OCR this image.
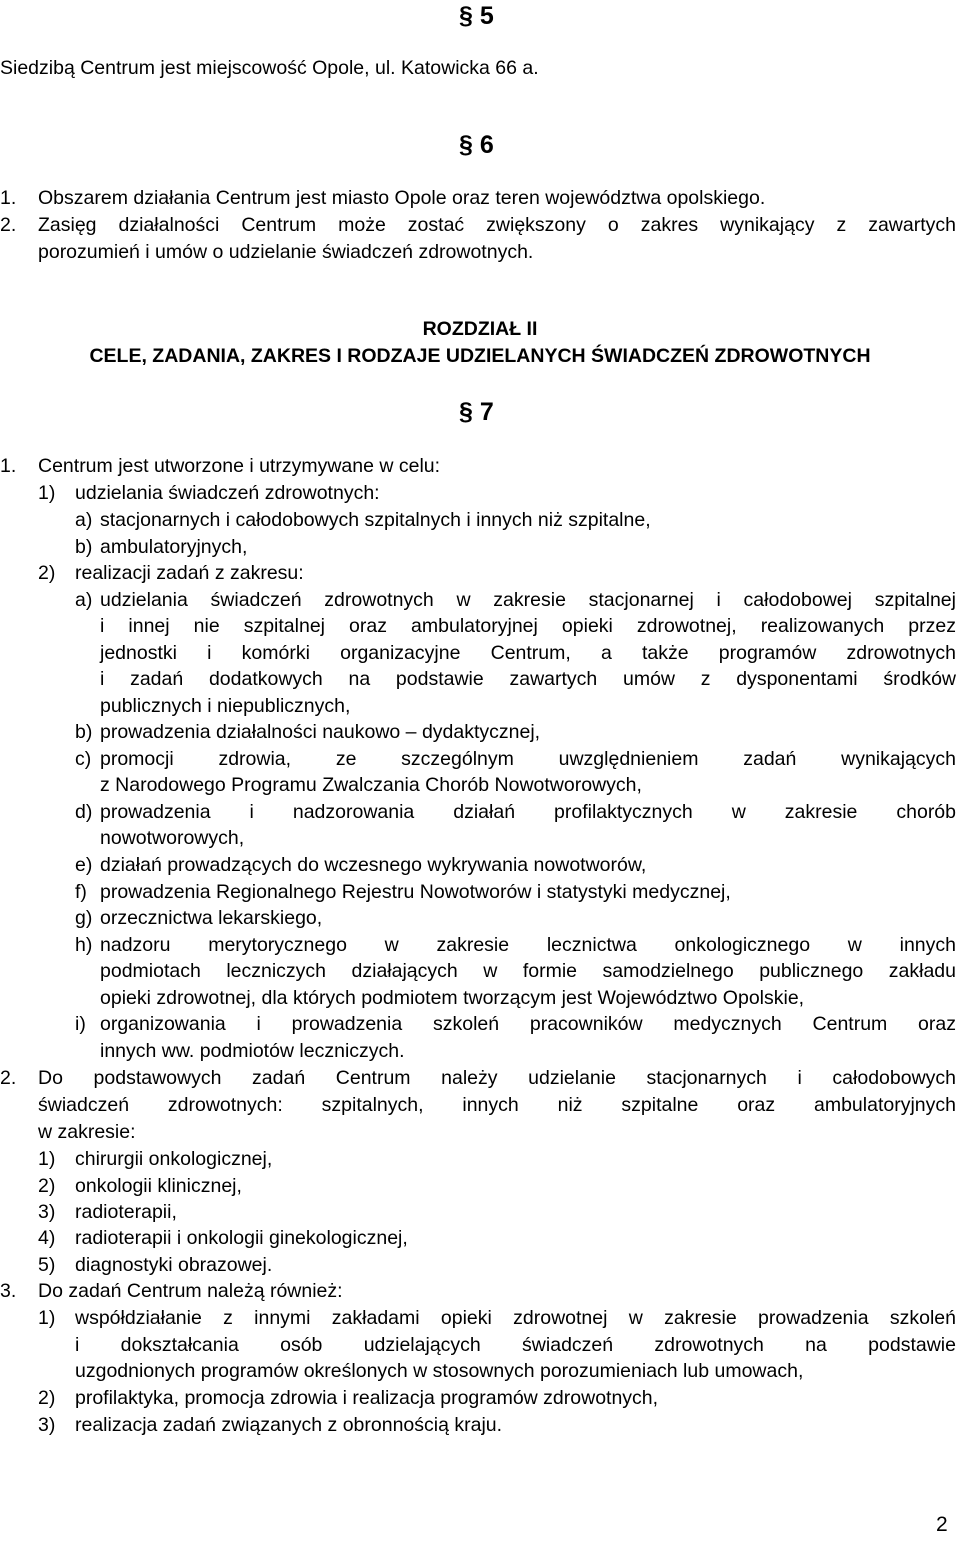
§ 5
Siedzibą Centrum jest miejscowość Opole, ul. Katowicka 66 a.
§ 6
1. Obszarem działania Centrum jest miasto Opole oraz teren województwa opolskiego.
2. Zasięg działalności Centrum może zostać zwiększony o zakres wynikający z zawartych
porozumień i umów o udzielanie świadczeń zdrowotnych.
ROZDZIAŁ II
CELE, ZADANIA, ZAKRES I RODZAJE UDZIELANYCH ŚWIADCZEŃ ZDROWOTNYCH
§ 7
1. Centrum jest utworzone i utrzymywane w celu:
1) udzielania świadczeń zdrowotnych:
a) stacjonarnych i całodobowych szpitalnych i innych niż szpitalne,
b) ambulatoryjnych,
2) realizacji zadań z zakresu:
a) udzielania świadczeń zdrowotnych w zakresie stacjonarnej i całodobowej szpitalnej
i innej nie szpitalnej oraz ambulatoryjnej opieki zdrowotnej, realizowanych przez
jednostki i komórki organizacyjne Centrum, a także programów zdrowotnych
i zadań dodatkowych na podstawie zawartych umów z dysponentami środków
publicznych i niepublicznych,
b) prowadzenia działalności naukowo – dydaktycznej,
c) promocji zdrowia, ze szczególnym uwzględnieniem zadań wynikających
z Narodowego Programu Zwalczania Chorób Nowotworowych,
d) prowadzenia i nadzorowania działań profilaktycznych w zakresie chorób
nowotworowych,
e) działań prowadzących do wczesnego wykrywania nowotworów,
f) prowadzenia Regionalnego Rejestru Nowotworów i statystyki medycznej,
g) orzecznictwa lekarskiego,
h) nadzoru merytorycznego w zakresie lecznictwa onkologicznego w innych
podmiotach leczniczych działających w formie samodzielnego publicznego zakładu
opieki zdrowotnej, dla których podmiotem tworzącym jest Województwo Opolskie,
i) organizowania i prowadzenia szkoleń pracowników medycznych Centrum oraz
innych ww. podmiotów leczniczych.
2. Do podstawowych zadań Centrum należy udzielanie stacjonarnych i całodobowych
świadczeń zdrowotnych: szpitalnych, innych niż szpitalne oraz ambulatoryjnych
w zakresie:
1) chirurgii onkologicznej,
2) onkologii klinicznej,
3) radioterapii,
4) radioterapii i onkologii ginekologicznej,
5) diagnostyki obrazowej.
3. Do zadań Centrum należą również:
1) współdziałanie z innymi zakładami opieki zdrowotnej w zakresie prowadzenia szkoleń
i dokształcania osób udzielających świadczeń zdrowotnych na podstawie
uzgodnionych programów określonych w stosownych porozumieniach lub umowach,
2) profilaktyka, promocja zdrowia i realizacja programów zdrowotnych,
3) realizacja zadań związanych z obronnością kraju.
2
